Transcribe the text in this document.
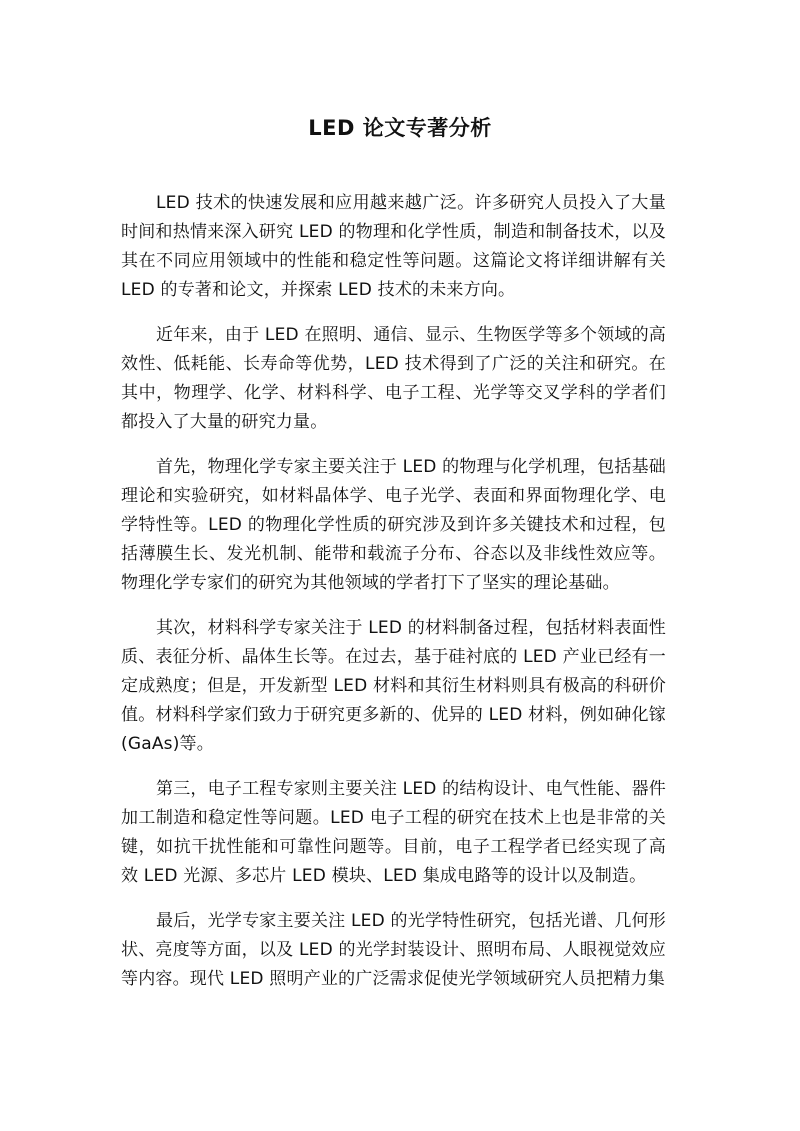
LED 论文专著分析

LED 技术的快速发展和应用越来越广泛。许多研究人员投入了大量时间和热情来深入研究 LED 的物理和化学性质，制造和制备技术，以及其在不同应用领域中的性能和稳定性等问题。这篇论文将详细讲解有关 LED 的专著和论文，并探索 LED 技术的未来方向。

近年来，由于 LED 在照明、通信、显示、生物医学等多个领域的高效性、低耗能、长寿命等优势，LED 技术得到了广泛的关注和研究。在其中，物理学、化学、材料科学、电子工程、光学等交叉学科的学者们都投入了大量的研究力量。

首先，物理化学专家主要关注于 LED 的物理与化学机理，包括基础理论和实验研究，如材料晶体学、电子光学、表面和界面物理化学、电学特性等。LED 的物理化学性质的研究涉及到许多关键技术和过程，包括薄膜生长、发光机制、能带和载流子分布、谷态以及非线性效应等。物理化学专家们的研究为其他领域的学者打下了坚实的理论基础。

其次，材料科学专家关注于 LED 的材料制备过程，包括材料表面性质、表征分析、晶体生长等。在过去，基于硅衬底的 LED 产业已经有一定成熟度；但是，开发新型 LED 材料和其衍生材料则具有极高的科研价值。材料科学家们致力于研究更多新的、优异的 LED 材料，例如砷化镓(GaAs)等。

第三，电子工程专家则主要关注 LED 的结构设计、电气性能、器件加工制造和稳定性等问题。LED 电子工程的研究在技术上也是非常的关键，如抗干扰性能和可靠性问题等。目前，电子工程学者已经实现了高效 LED 光源、多芯片 LED 模块、LED 集成电路等的设计以及制造。

最后，光学专家主要关注 LED 的光学特性研究，包括光谱、几何形状、亮度等方面，以及 LED 的光学封装设计、照明布局、人眼视觉效应等内容。现代 LED 照明产业的广泛需求促使光学领域研究人员把精力集
